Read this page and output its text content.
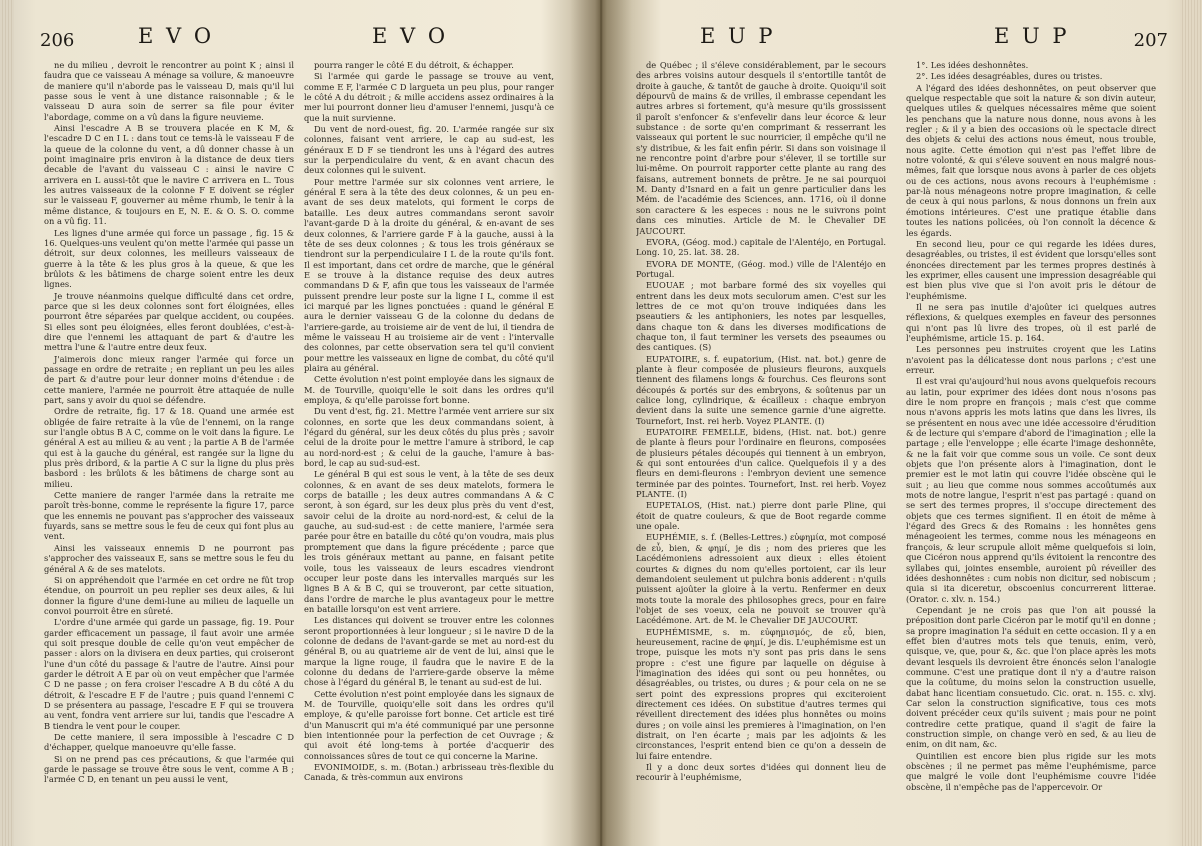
206	E V O	E V O

ne du milieu , devroit le rencontrer au point K ; ainsi il faudra que ce vaisseau A ménage sa voilure, & manoeuvre de maniere qu'il n'aborde pas le vaisseau D, mais qu'il lui passe sous le vent à une distance raisonnable ; & le vaisseau D aura soin de serrer sa file pour éviter l'abordage, comme on a vû dans la figure neuvieme.

Ainsi l'escadre A B se trouvera placée en K M, & l'escadre D C en I L : dans tout ce tems-là le vaisseau F de la queue de la colonne du vent, a dû donner chasse à un point imaginaire pris environ à la distance de deux tiers decable de l'avant du vaisseau C : ainsi le navire C arrivera en L aussi-tôt que le navire C arrivera en L. Tous les autres vaisseaux de la colonne F E doivent se régler sur le vaisseau F, gouverner au même rhumb, le tenir à la même distance, & toujours en E, N. E. & O. S. O. comme on a vû fig. 11.

Les lignes d'une armée qui force un passage , fig. 15 & 16. Quelques-uns veulent qu'on mette l'armée qui passe un détroit, sur deux colonnes, les meilleurs vaisseaux de guerre à la tête & les plus gros à la queue, & que les brûlots & les bâtimens de charge soient entre les deux lignes.

Je trouve néanmoins quelque difficulté dans cet ordre, parce que si les deux colonnes sont fort éloignées, elles pourront être séparées par quelque accident, ou coupées. Si elles sont peu éloignées, elles feront doublées, c'est-à-dire que l'ennemi les attaquant de part & d'autre les mettra l'une & l'autre entre deux feux.

J'aimerois donc mieux ranger l'armée qui force un passage en ordre de retraite ; en repliant un peu les ailes de part & d'autre pour leur donner moins d'étendue : de cette maniere, l'armée ne pourroit être attaquée de nulle part, sans y avoir du quoi se défendre.

Ordre de retraite, fig. 17 & 18. Quand une armée est obligée de faire retraite à la vûe de l'ennemi, on la range sur l'angle obtus B A C, comme on le voit dans la figure. Le général A est au milieu & au vent ; la partie A B de l'armée qui est à la gauche du général, est rangée sur la ligne du plus près dribord, & la partie A C sur la ligne du plus près basbord : les brûlots & les bâtimens de charge sont au milieu.

Cette maniere de ranger l'armée dans la retraite me paroît très-bonne, comme le représente la figure 17, parce que les ennemis ne pouvant pas s'approcher des vaisseaux fuyards, sans se mettre sous le feu de ceux qui font plus au vent.

Ainsi les vaisseaux ennemis D ne pourront pas s'approcher des vaisseaux E, sans se mettre sous le feu du général A & de ses matelots.

Si on appréhendoit que l'armée en cet ordre ne fût trop étendue, on pourroit un peu replier ses deux ailes, & lui donner la figure d'une demi-lune au milieu de laquelle un convoi pourroit être en sûreté.

L'ordre d'une armée qui garde un passage, fig. 19. Pour garder efficacement un passage, il faut avoir une armée qui soit presque double de celle qu'on veut empêcher de passer : alors on la divisera en deux parties, qui croiseront l'une d'un côté du passage & l'autre de l'autre. Ainsi pour garder le détroit A E par où on veut empêcher que l'armée C D ne passe ; on fera croiser l'escadre A B du côté A du détroit, & l'escadre E F de l'autre ; puis quand l'ennemi C D se présentera au passage, l'escadre E F qui se trouvera au vent, fondra vent arriere sur lui, tandis que l'escadre A B tiendra le vent pour le couper.

De cette maniere, il sera impossible à l'escadre C D d'échapper, quelque manoeuvre qu'elle fasse.

Si on ne prend pas ces précautions, & que l'armée qui garde le passage se trouve être sous le vent, comme A B ; l'armée C D, en tenant un peu aussi le vent,

pourra ranger le côté E du détroit, & échapper.

Si l'armée qui garde le passage se trouve au vent, comme E F, l'armée C D largueta un peu plus, pour ranger le côté A du détroit ; & mille accidens assez ordinaires à la mer lui pourront donner lieu d'amuser l'ennemi, jusqu'à ce que la nuit survienne.

Du vent de nord-ouest, fig. 20. L'armée rangée sur six colonnes, faisant vent arriere, le cap au sud-est, les généraux E D F se tiendront les uns à l'égard des autres sur la perpendiculaire du vent, & en avant chacun des deux colonnes qui le suivent.

Pour mettre l'armée sur six colonnes vent arriere, le général E sera à la tête des deux colonnes, & un peu en-avant de ses deux matelots, qui forment le corps de bataille. Les deux autres commandans seront savoir l'avant-garde D à la droite du général, & en-avant de ses deux colonnes, & l'arriere garde F à la gauche, aussi à la tête de ses deux colonnes ; & tous les trois généraux se tiendront sur la perpendiculaire I L de la route qu'ils font. Il est important, dans cet ordre de marche, que le général E se trouve à la distance requise des deux autres commandans D & F, afin que tous les vaisseaux de l'armée puissent prendre leur poste sur la ligne I L, comme il est ici marqué par les lignes ponctuées : quand le général E aura le dernier vaisseau G de la colonne du dedans de l'arriere-garde, au troisieme air de vent de lui, il tiendra de même le vaisseau H au troisieme air de vent : l'intervalle des colonnes, par cette observation sera tel qu'il convient pour mettre les vaisseaux en ligne de combat, du côté qu'il plaira au général.

Cette évolution n'est point employée dans les signaux de M. de Tourville, quoiqu'elle le soit dans les ordres qu'il employa, & qu'elle paroisse fort bonne.

Du vent d'est, fig. 21. Mettre l'armée vent arriere sur six colonnes, en sorte que les deux commandans soient, à l'égard du général, sur les deux côtés du plus près ; savoir celui de la droite pour le mettre l'amure à stribord, le cap au nord-nord-est ; & celui de la gauche, l'amure à bas-bord, le cap au sud-sud-est.

Le général B qui est sous le vent, à la tête de ses deux colonnes, & en avant de ses deux matelots, formera le corps de bataille ; les deux autres commandans A & C seront, à son égard, sur les deux plus près du vent d'est, savoir celui de la droite au nord-nord-est, & celui de la gauche, au sud-sud-est : de cette maniere, l'armée sera parée pour être en bataille du côté qu'on voudra, mais plus promptement que dans la figure précédente ; parce que les trois généraux mettant au panne, en faisant petite voile, tous les vaisseaux de leurs escadres viendront occuper leur poste dans les intervalles marqués sur les lignes B A & B C, qui se trouveront, par cette situation, dans l'ordre de marche le plus avantageux pour le mettre en bataille lorsqu'on est vent arriere.

Les distances qui doivent se trouver entre les colonnes seront proportionnées à leur longueur ; si le navire D de la colonne de dedans de l'avant-garde se met au nord-est du général B, ou au quatrieme air de vent de lui, ainsi que le marque la ligne rouge, il faudra que le navire E de la colonne du dedans de l'arriere-garde observe la même chose à l'égard du général B, le tenant au sud-est de lui.

Cette évolution n'est point employée dans les signaux de M. de Tourville, quoiqu'elle soit dans les ordres qu'il employe, & qu'elle paroisse fort bonne. Cet article est tiré d'un Manuscrit qui m'a été communiqué par une personne bien intentionnée pour la perfection de cet Ouvrage ; & qui avoit été long-tems à portée d'acquerir des connoissances sûres de tout ce qui concerne la Marine.

EVONIMOIDE, s. m. (Botan.) arbrisseau très-flexible du Canada, & très-commun aux environs

E U P	E U P	207

de Québec ; il s'éleve considérablement, par le secours des arbres voisins autour desquels il s'entortille tantôt de droite à gauche, & tantôt de gauche à droite. Quoiqu'il soit dépourvû de mains & de vrilles, il embrasse cependant les autres arbres si fortement, qu'à mesure qu'ils grossissent il paroît s'enfoncer & s'enfevelir dans leur écorce & leur substance : de sorte qu'en comprimant & resserrant les vaisseaux qui portent le suc nourricier, il empêche qu'il ne s'y distribue, & les fait enfin périr. Si dans son voisinage il ne rencontre point d'arbre pour s'élever, il se tortille sur lui-même. On pourroit rapporter cette plante au rang des faisans, autrement bonnets de prêtre. Je ne sai pourquoi M. Danty d'Isnard en a fait un genre particulier dans les Mém. de l'académie des Sciences, ann. 1716, où il donne son caractere & les especes : nous ne le suivrons point dans ces minuties. Article de M. le Chevalier DE JAUCOURT.

EVORA, (Géog. mod.) capitale de l'Alentéjo, en Portugal. Long. 10, 25. lat. 38. 28.

EVORA DE MONTE, (Géog. mod.) ville de l'Alentéjo en Portugal.

EUOUAE ; mot barbare formé des six voyelles qui entrent dans les deux mots seculorum amen. C'est sur les lettres de ce mot qu'on trouve indiquées dans les pseautiers & les antiphoniers, les notes par lesquelles, dans chaque ton & dans les diverses modifications de chaque ton, il faut terminer les versets des pseaumes ou des cantiques. (S)

EUPATOIRE, s. f. eupatorium, (Hist. nat. bot.) genre de plante à fleur composée de plusieurs fleurons, auxquels tiennent des filamens longs & fourchus. Ces fleurons sont découpés & portés sur des embryons, & soûtenus par un calice long, cylindrique, & écailleux : chaque embryon devient dans la suite une semence garnie d'une aigrette. Tournefort, Inst. rei herb. Voyez PLANTE. (I)

EUPATOIRE FEMELLE, bidens, (Hist. nat. bot.) genre de plante à fleurs pour l'ordinaire en fleurons, composées de plusieurs pétales découpés qui tiennent à un embryon, & qui sont entourées d'un calice. Quelquefois il y a des fleurs en demi-fleurons : l'embryon devient une semence terminée par des pointes. Tournefort, Inst. rei herb. Voyez PLANTE. (I)

EUPETALOS, (Hist. nat.) pierre dont parle Pline, qui étoit de quatre couleurs, & que de Boot regarde comme une opale.

EUPHÉMIE, s. f. (Belles-Lettres.) εὐφημία, mot composé de εὖ, bien, & φημί, je dis ; nom des prieres que les Lacédémoniens adressoient aux dieux : elles étoient courtes & dignes du nom qu'elles portoient, car ils leur demandoient seulement ut pulchra bonis adderent : n'quils puissent ajoûter la gloire à la vertu. Renfermer en deux mots toute la morale des philosophes grecs, pour en faire l'objet de ses voeux, cela ne pouvoit se trouver qu'à Lacédémone. Art. de M. le Chevalier DE JAUCOURT.

EUPHÉMISME, s. m. εὐφημισμός, de εὖ, bien, heureusement, racine de φημί, je dis. L'euphémisme est un trope, puisque les mots n'y sont pas pris dans le sens propre : c'est une figure par laquelle on déguise à l'imagination des idées qui sont ou peu honnêtes, ou désagréables, ou tristes, ou dures ; & pour cela on ne se sert point des expressions propres qui exciteroient directement ces idées. On substitue d'autres termes qui réveillent directement des idées plus honnêtes ou moins dures ; on voile ainsi les premieres à l'imagination, on l'en distrait, on l'en écarte ; mais par les adjoints & les circonstances, l'esprit entend bien ce qu'on a dessein de lui faire entendre.

Il y a donc deux sortes d'idées qui donnent lieu de recourir à l'euphémisme,

1°. Les idées deshonnêtes.

2°. Les idées desagréables, dures ou tristes.

A l'égard des idées deshonnêtes, on peut observer que quelque respectable que soit la nature & son divin auteur, quelques utiles & quelques nécessaires même que soient les penchans que la nature nous donne, nous avons à les regler ; & il y a bien des occasions où le spectacle direct des objets & celui des actions nous émeut, nous trouble, nous agite. Cette émotion qui n'est pas l'effet libre de notre volonté, & qui s'éleve souvent en nous malgré nous-mêmes, fait que lorsque nous avons à parler de ces objets ou de ces actions, nous avons recours à l'euphémisme : par-là nous ménageons notre propre imagination, & celle de ceux à qui nous parlons, & nous donnons un frein aux émotions intérieures. C'est une pratique établie dans toutes les nations policées, où l'on connoît la décence & les égards.

En second lieu, pour ce qui regarde les idées dures, desagréables, ou tristes, il est évident que lorsqu'elles sont énoncées directement par les termes propres destinés à les exprimer, elles causent une impression desagréable qui est bien plus vive que si l'on avoit pris le détour de l'euphémisme.

Il ne sera pas inutile d'ajoûter ici quelques autres réflexions, & quelques exemples en faveur des personnes qui n'ont pas lû livre des tropes, où il est parlé de l'euphémisme, article 15. p. 164.

Les personnes peu instruites croyent que les Latins n'avoient pas la délicatesse dont nous parlons ; c'est une erreur.

Il est vrai qu'aujourd'hui nous avons quelquefois recours au latin, pour exprimer des idées dont nous n'osons pas dire le nom propre en françois ; mais c'est que comme nous n'avons appris les mots latins que dans les livres, ils se présentent en nous avec une idée accessoire d'érudition & de lecture qui s'empare d'abord de l'imagination ; elle la partage ; elle l'enveloppe ; elle écarte l'image deshonnête, & ne la fait voir que comme sous un voile. Ce sont deux objets que l'on présente alors à l'imagination, dont le premier est le mot latin qui couvre l'idée obscène qui le suit ; au lieu que comme nous sommes accoûtumés aux mots de notre langue, l'esprit n'est pas partagé : quand on se sert des termes propres, il s'occupe directement des objets que ces termes signifient. Il en étoit de même à l'égard des Grecs & des Romains : les honnêtes gens ménageoient les termes, comme nous les ménageons en françois, & leur scrupule alloit même quelquefois si loin, que Cicéron nous apprend qu'ils évitoient la rencontre des syllabes qui, jointes ensemble, auroient pû réveiller des idées deshonnêtes : cum nobis non dicitur, sed nobiscum ; quia si ita diceretur, obscoenius concurrerent litterae. (Orator. c. xlv. n. 154.)

Cependant je ne crois pas que l'on ait poussé la préposition dont parle Cicéron par le motif qu'il en donne ; sa propre imagination l'a séduit en cette occasion. Il y a en effet bien d'autres mots tels que tenuis, enim, verò, quisque, ve, que, pour &, &c. que l'on place après les mots devant lesquels ils devroient être énoncés selon l'analogie commune. C'est une pratique dont il n'y a d'autre raison que la coûtume, du moins selon la construction usuelle, dabat hanc licentiam consuetudo. Cic. orat. n. 155. c. xlvj. Car selon la construction significative, tous ces mots doivent précéder ceux qu'ils suivent ; mais pour ne point contredire cette pratique, quand il s'agit de faire la construction simple, on change verò en sed, & au lieu de enim, on dit nam, &c.

Quintilien est encore bien plus rigide sur les mots obscènes ; il ne permet pas même l'euphémisme, parce que malgré le voile dont l'euphémisme couvre l'idée obscène, il n'empêche pas de l'appercevoir. Or
